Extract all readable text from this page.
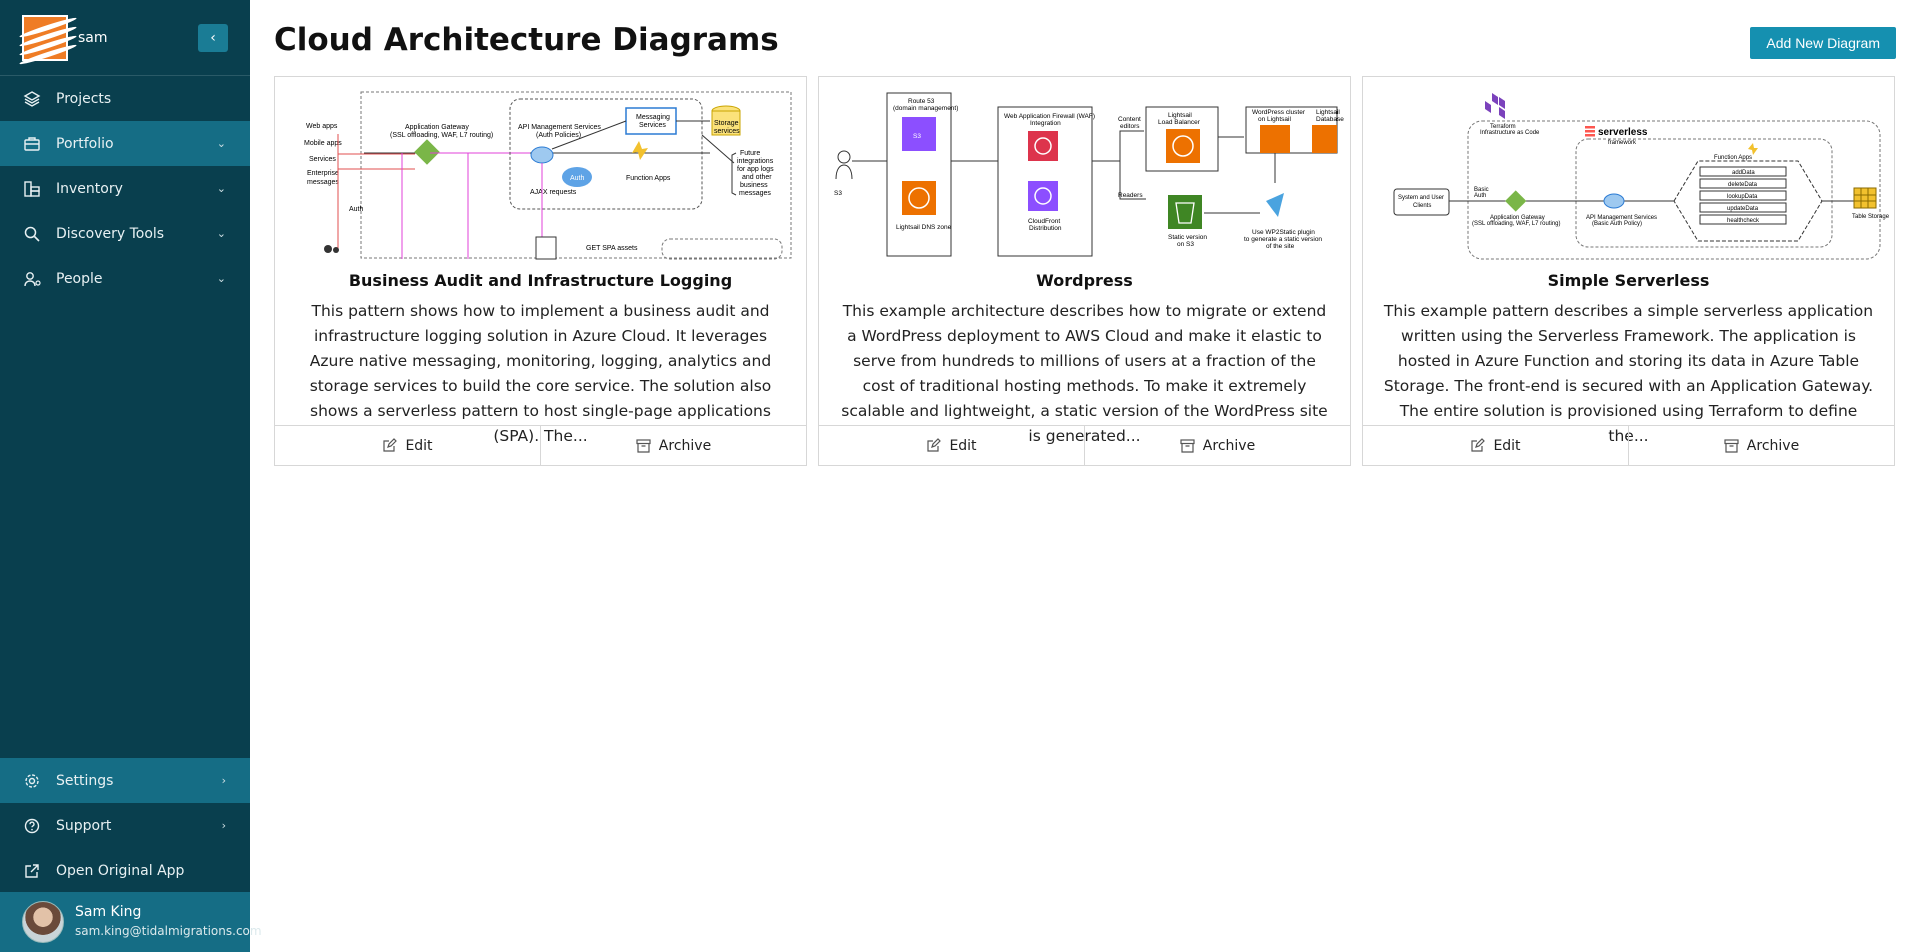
sam	‹
Projects
Portfolio	⌄
Inventory	⌄
Discovery Tools	⌄
People	⌄
Settings	›
Support	›
Open Original App
Sam King
sam.king@tidalmigrations.com
Cloud Architecture Diagrams	Add New Diagram
Web apps
Mobile apps
Services
Enterprise
messages
Auth
Application Gateway
(SSL offloading, WAF, L7 routing)
API Management Services
(Auth Policies)
Auth
AJAX requests
Messaging
Services
Function Apps
Storage
services
Future
integrations
for app logs
and other
business
messages
GET SPA assets
Business Audit and Infrastructure Logging
This pattern shows how to implement a business audit and infrastructure logging solution in Azure Cloud. It leverages Azure native messaging, monitoring, logging, analytics and storage services to build the core service. The solution also shows a serverless pattern to host single-page applications (SPA). The...
Edit	Archive
S3
Route 53
(domain management)
S3
Lightsail DNS zone
Web Application Firewall (WAF)
Integration
CloudFront
Distribution
Content
editors
Readers
Lightsail
Load Balancer
WordPress cluster
on Lightsail
Lightsail
Database
Static version
on S3
Use WP2Static plugin
to generate a static version
of the site
Wordpress
This example architecture describes how to migrate or extend a WordPress deployment to AWS Cloud and make it elastic to serve from hundreds to millions of users at a fraction of the cost of traditional hosting methods. To make it extremely scalable and lightweight, a static version of the WordPress site is generated...
Edit	Archive
Terraform
Infrastructure as Code	serverless
framework
System and User
Clients
Basic
Auth
Application Gateway
(SSL offloading, WAF, L7 routing)
API Management Services
(Basic Auth Policy)
Function Apps
addData
deleteData
lookupData
updateData
healthcheck
Table Storage
Simple Serverless
This example pattern describes a simple serverless application written using the Serverless Framework. The application is hosted in Azure Function and storing its data in Azure Table Storage. The front-end is secured with an Application Gateway. The entire solution is provisioned using Terraform to define the...
Edit	Archive
